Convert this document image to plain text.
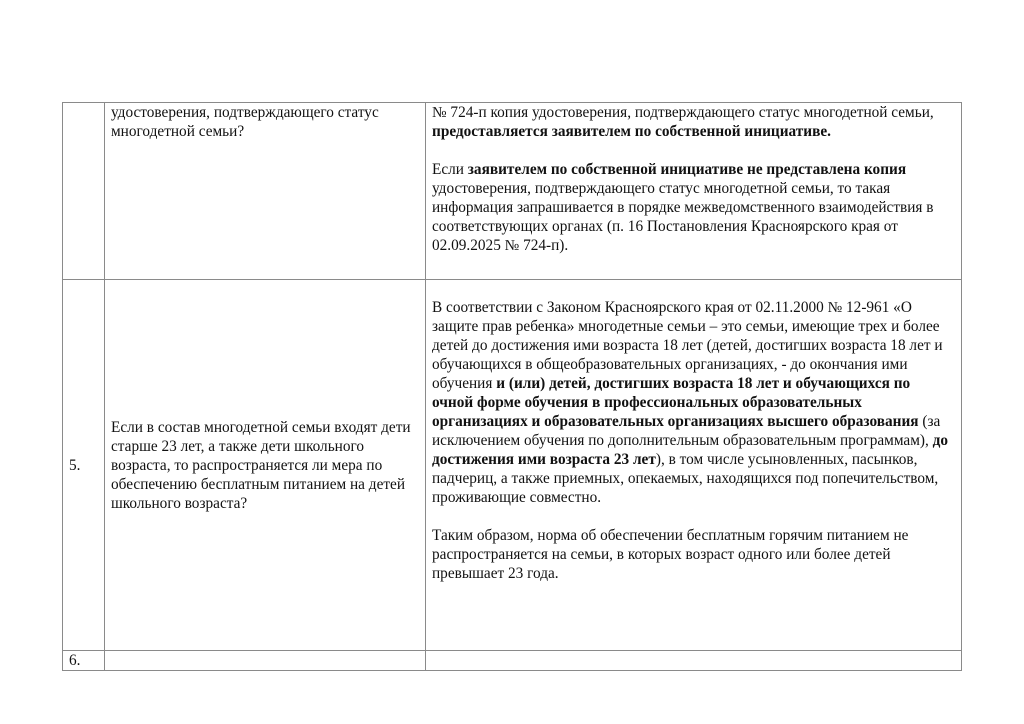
	удостоверения, подтверждающего статус многодетной семьи?	№ 724-п копия удостоверения, подтверждающего статус многодетной семьи, предоставляется заявителем по собственной инициативе.

Если заявителем по собственной инициативе не представлена копия удостоверения, подтверждающего статус многодетной семьи, то такая информация запрашивается в порядке межведомственного взаимодействия в соответствующих органах (п. 16 Постановления Красноярского края от 02.09.2025 № 724-п).

5.	Если в состав многодетной семьи входят дети старше 23 лет, а также дети школьного возраста, то распространяется ли мера по обеспечению бесплатным питанием на детей школьного возраста?	В соответствии с Законом Красноярского края от 02.11.2000 № 12-961 «О защите прав ребенка» многодетные семьи – это семьи, имеющие трех и более детей до достижения ими возраста 18 лет (детей, достигших возраста 18 лет и обучающихся в общеобразовательных организациях, - до окончания ими обучения и (или) детей, достигших возраста 18 лет и обучающихся по очной форме обучения в профессиональных образовательных организациях и образовательных организациях высшего образования (за исключением обучения по дополнительным образовательным программам), до достижения ими возраста 23 лет), в том числе усыновленных, пасынков, падчериц, а также приемных, опекаемых, находящихся под попечительством, проживающие совместно.

Таким образом, норма об обеспечении бесплатным горячим питанием не распространяется на семьи, в которых возраст одного или более детей превышает 23 года.

6.		
